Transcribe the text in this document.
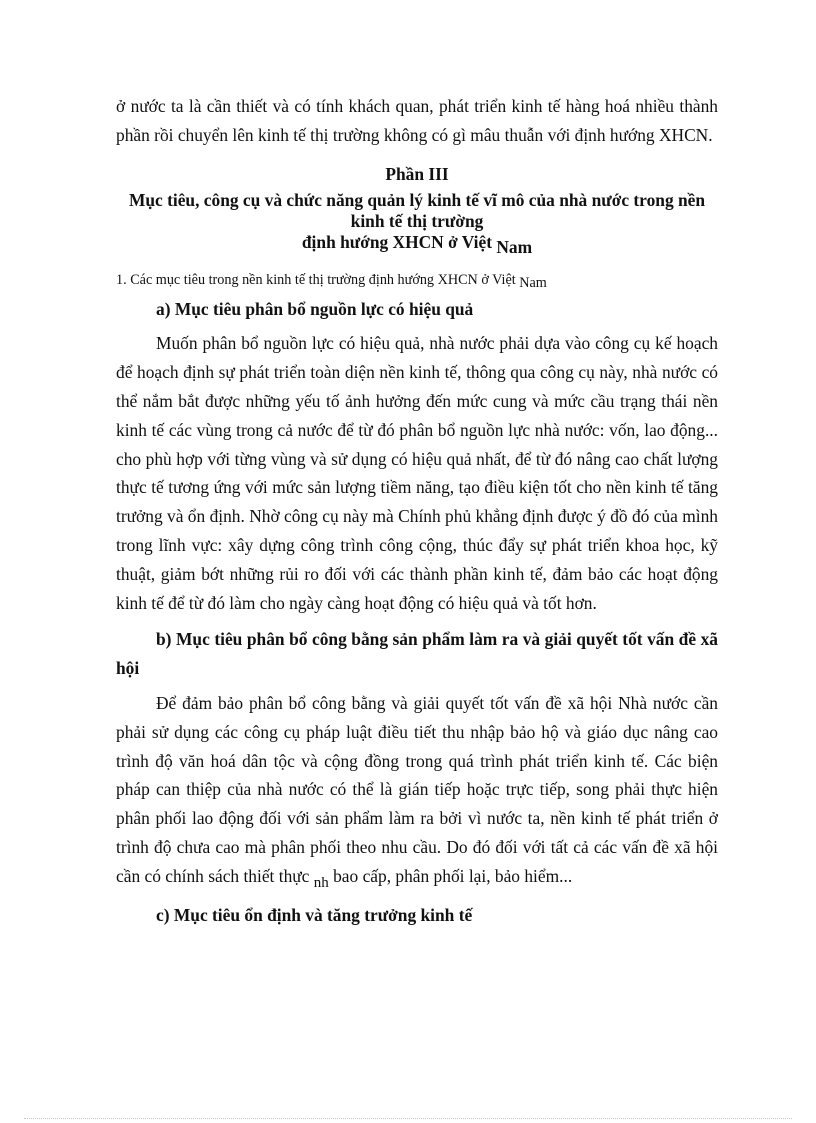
ở nước ta là cần thiết và có tính khách quan, phát triển kinh tế hàng hoá nhiều thành phần rồi chuyển lên kinh tế thị trường không có gì mâu thuẫn với định hướng XHCN.

Phần III

Mục tiêu, công cụ và chức năng quản lý kinh tế vĩ mô của nhà nước trong nền kinh tế thị trường

định hướng XHCN ở Việt Nam

1. Các mục tiêu trong nền kinh tế thị trường định hướng XHCN ở Việt Nam

a) Mục tiêu phân bổ nguồn lực có hiệu quả

Muốn phân bổ nguồn lực có hiệu quả, nhà nước phải dựa vào công cụ kế hoạch để hoạch định sự phát triển toàn diện nền kinh tế, thông qua công cụ này, nhà nước có thể nắm bắt được những yếu tố ảnh hưởng đến mức cung và mức cầu trạng thái nền kinh tế các vùng trong cả nước để từ đó phân bổ nguồn lực nhà nước: vốn, lao động... cho phù hợp với từng vùng và sử dụng có hiệu quả nhất, để từ đó nâng cao chất lượng thực tế tương ứng với mức sản lượng tiềm năng, tạo điều kiện tốt cho nền kinh tế tăng trưởng và ổn định. Nhờ công cụ này mà Chính phủ khẳng định được ý đồ đó của mình trong lĩnh vực: xây dựng công trình công cộng, thúc đẩy sự phát triển khoa học, kỹ thuật, giảm bớt những rủi ro đối với các thành phần kinh tế, đảm bảo các hoạt động kinh tế để từ đó làm cho ngày càng hoạt động có hiệu quả và tốt hơn.

b) Mục tiêu phân bổ công bằng sản phẩm làm ra và giải quyết tốt vấn đề xã hội

Để đảm bảo phân bổ công bằng và giải quyết tốt vấn đề xã hội Nhà nước cần phải sử dụng các công cụ pháp luật điều tiết thu nhập bảo hộ và giáo dục nâng cao trình độ văn hoá dân tộc và cộng đồng trong quá trình phát triển kinh tế. Các biện pháp can thiệp của nhà nước có thể là gián tiếp hoặc trực tiếp, song phải thực hiện phân phối lao động đối với sản phẩm làm ra bởi vì nước ta, nền kinh tế phát triển ở trình độ chưa cao mà phân phối theo nhu cầu. Do đó đối với tất cả các vấn đề xã hội cần có chính sách thiết thực nh bao cấp, phân phối lại, bảo hiểm...

c) Mục tiêu ổn định và tăng trưởng kinh tế
